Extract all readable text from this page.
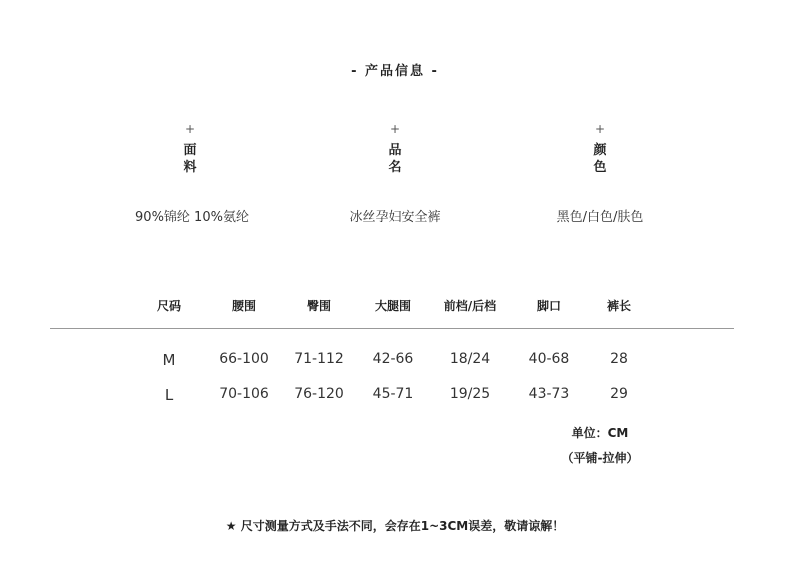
- 产品信息 -
+
面
料
+
品
名
+
颜
色
90%锦纶 10%氨纶	冰丝孕妇安全裤	黑色/白色/肤色
尺码	腰围	臀围	大腿围	前档/后档	脚口	裤长
M	66-100	71-112	42-66	18/24	40-68	28
L	70-106	76-120	45-71	19/25	43-73	29
单位：CM
（平铺-拉伸）
★ 尺寸测量方式及手法不同，会存在1~3CM误差，敬请谅解！
